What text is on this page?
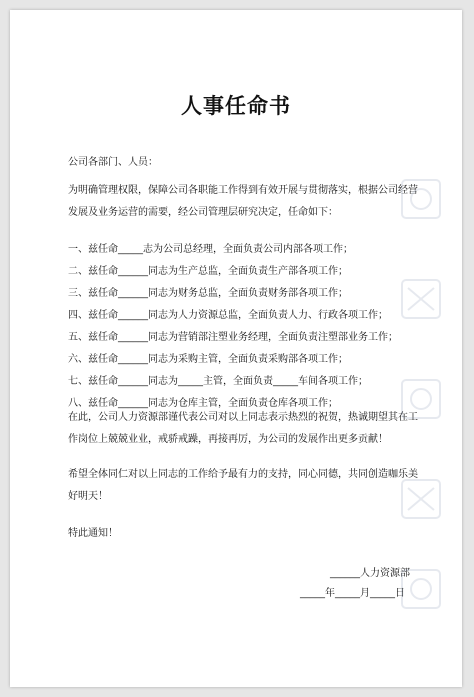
人事任命书
公司各部门、人员：
为明确管理权限，保障公司各职能工作得到有效开展与贯彻落实，根据公司经营
发展及业务运营的需要，经公司管理层研究决定，任命如下：
一、兹任命_____志为公司总经理，全面负责公司内部各项工作；
二、兹任命______同志为生产总监，全面负责生产部各项工作；
三、兹任命______同志为财务总监，全面负责财务部各项工作；
四、兹任命______同志为人力资源总监，全面负责人力、行政各项工作；
五、兹任命______同志为营销部注塑业务经理，全面负责注塑部业务工作；
六、兹任命______同志为采购主管，全面负责采购部各项工作；
七、兹任命______同志为_____主管，全面负责_____车间各项工作；
八、兹任命______同志为仓库主管，全面负责仓库各项工作；
在此，公司人力资源部谨代表公司对以上同志表示热烈的祝贺，热诚期望其在工
作岗位上兢兢业业，戒骄戒躁，再接再厉，为公司的发展作出更多贡献！
希望全体同仁对以上同志的工作给予最有力的支持，同心同德，共同创造咖乐美
好明天！
特此通知！
______人力资源部
_____年_____月_____日
